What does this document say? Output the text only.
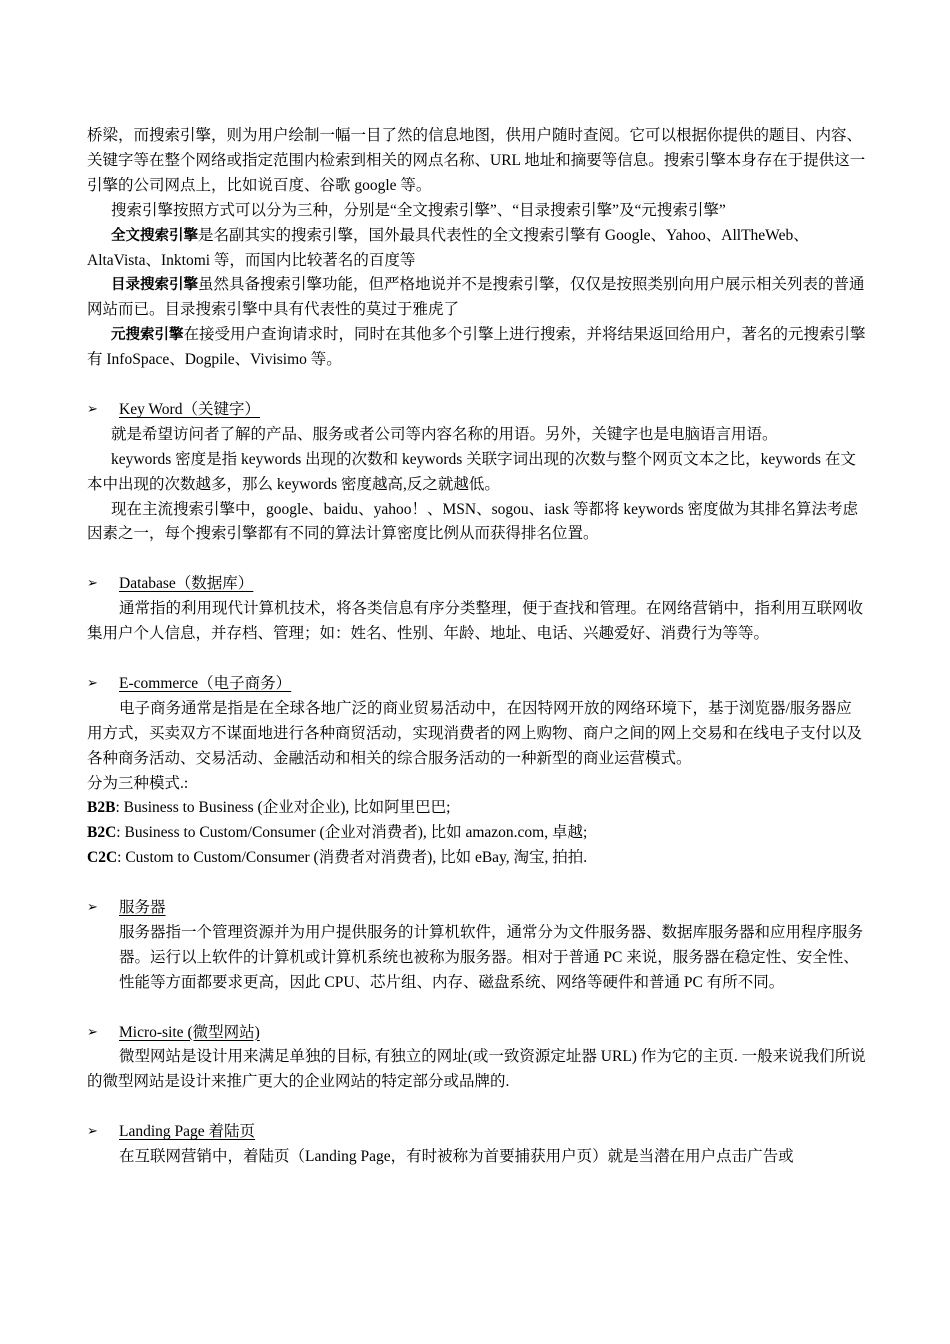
桥梁，而搜索引擎，则为用户绘制一幅一目了然的信息地图，供用户随时查阅。它可以根据你提供的题目、内容、关键字等在整个网络或指定范围内检索到相关的网点名称、URL 地址和摘要等信息。搜索引擎本身存在于提供这一引擎的公司网点上，比如说百度、谷歌 google 等。

搜索引擎按照方式可以分为三种，分别是“全文搜索引擎”、“目录搜索引擎”及“元搜索引擎”

全文搜索引擎是名副其实的搜索引擎，国外最具代表性的全文搜索引擎有 Google、Yahoo、AllTheWeb、AltaVista、Inktomi 等，而国内比较著名的百度等

目录搜索引擎虽然具备搜索引擎功能，但严格地说并不是搜索引擎，仅仅是按照类别向用户展示相关列表的普通网站而已。目录搜索引擎中具有代表性的莫过于雅虎了

元搜索引擎在接受用户查询请求时，同时在其他多个引擎上进行搜索，并将结果返回给用户，著名的元搜索引擎有 InfoSpace、Dogpile、Vivisimo 等。

➢ Key Word（关键字）

就是希望访问者了解的产品、服务或者公司等内容名称的用语。另外，关键字也是电脑语言用语。

keywords 密度是指 keywords 出现的次数和 keywords 关联字词出现的次数与整个网页文本之比，keywords 在文本中出现的次数越多，那么 keywords 密度越高,反之就越低。

现在主流搜索引擎中，google、baidu、yahoo！、MSN、sogou、iask 等都将 keywords 密度做为其排名算法考虑因素之一，每个搜索引擎都有不同的算法计算密度比例从而获得排名位置。

➢ Database（数据库）

通常指的利用现代计算机技术，将各类信息有序分类整理，便于查找和管理。在网络营销中，指利用互联网收集用户个人信息，并存档、管理；如：姓名、性别、年龄、地址、电话、兴趣爱好、消费行为等等。

➢ E-commerce（电子商务）

电子商务通常是指是在全球各地广泛的商业贸易活动中，在因特网开放的网络环境下，基于浏览器/服务器应用方式，买卖双方不谋面地进行各种商贸活动，实现消费者的网上购物、商户之间的网上交易和在线电子支付以及各种商务活动、交易活动、金融活动和相关的综合服务活动的一种新型的商业运营模式。

分为三种模式.:

B2B: Business to Business (企业对企业), 比如阿里巴巴;

B2C: Business to Custom/Consumer (企业对消费者), 比如 amazon.com, 卓越;

C2C: Custom to Custom/Consumer (消费者对消费者), 比如 eBay, 淘宝, 拍拍.

➢ 服务器

服务器指一个管理资源并为用户提供服务的计算机软件，通常分为文件服务器、数据库服务器和应用程序服务器。运行以上软件的计算机或计算机系统也被称为服务器。相对于普通 PC 来说，服务器在稳定性、安全性、性能等方面都要求更高，因此 CPU、芯片组、内存、磁盘系统、网络等硬件和普通 PC 有所不同。

➢ Micro-site (微型网站)

微型网站是设计用来满足单独的目标, 有独立的网址(或一致资源定址器 URL) 作为它的主页. 一般来说我们所说的微型网站是设计来推广更大的企业网站的特定部分或品牌的.

➢ Landing Page 着陆页

在互联网营销中，着陆页（Landing Page，有时被称为首要捕获用户页）就是当潜在用户点击广告或
